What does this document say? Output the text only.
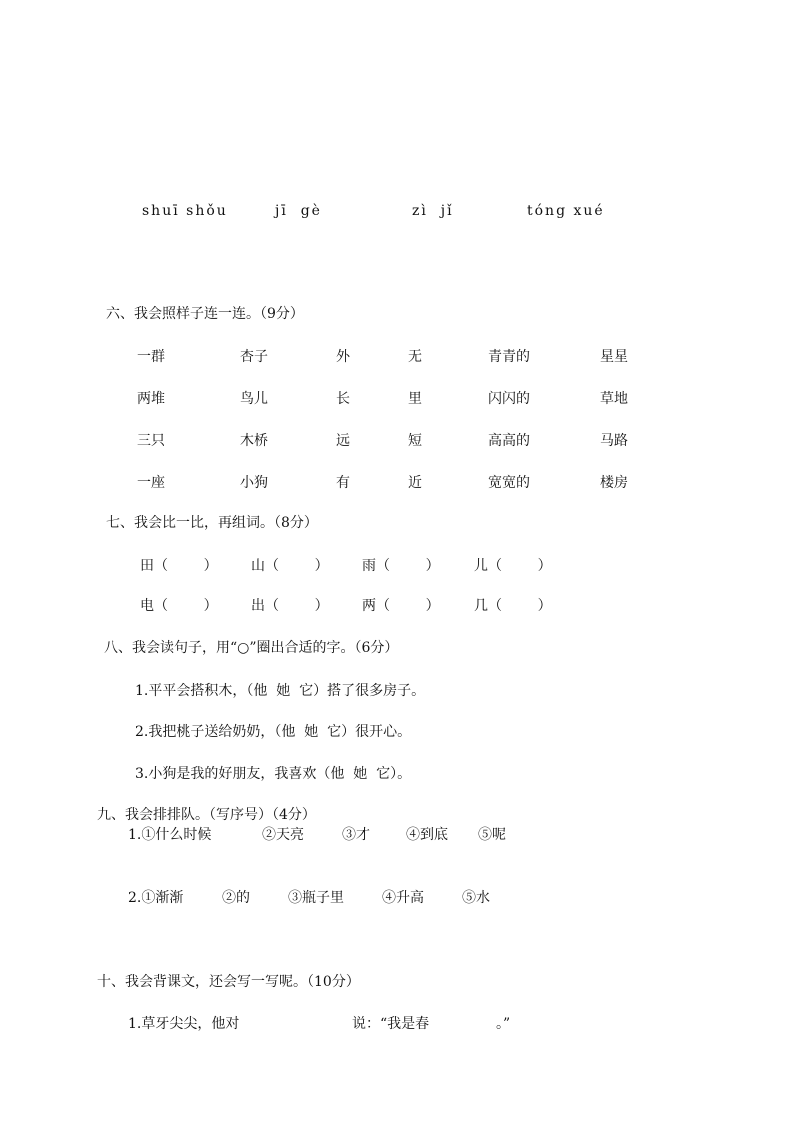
shuī shǒu	jī  gè	zì  jǐ	tóng xué
六、我会照样子连一连。（9分）
一群	杏子	外	无	青青的	星星
两堆	鸟儿	长	里	闪闪的	草地
三只	木桥	远	短	高高的	马路
一座	小狗	有	近	宽宽的	楼房
七、我会比一比，再组词。（8分）
田（        ） 山（        ） 雨（        ） 儿（        ）
电（        ） 出（        ） 两（        ） 几（        ）
八、我会读句子，用“○”圈出合适的字。（6分）
1.平平会搭积木，（他  她  它）搭了很多房子。
2.我把桃子送给奶奶，（他  她  它）很开心。
3.小狗是我的好朋友，我喜欢（他  她  它）。
九、我会排排队。（写序号）（4分）
1.①什么时候	②天亮	③才	④到底 ⑤呢
2.①渐渐	②的	③瓶子里	④升高	⑤水
十、我会背课文，还会写一写呢。（10分）
1.草牙尖尖，他对	说：“我是春	。”
